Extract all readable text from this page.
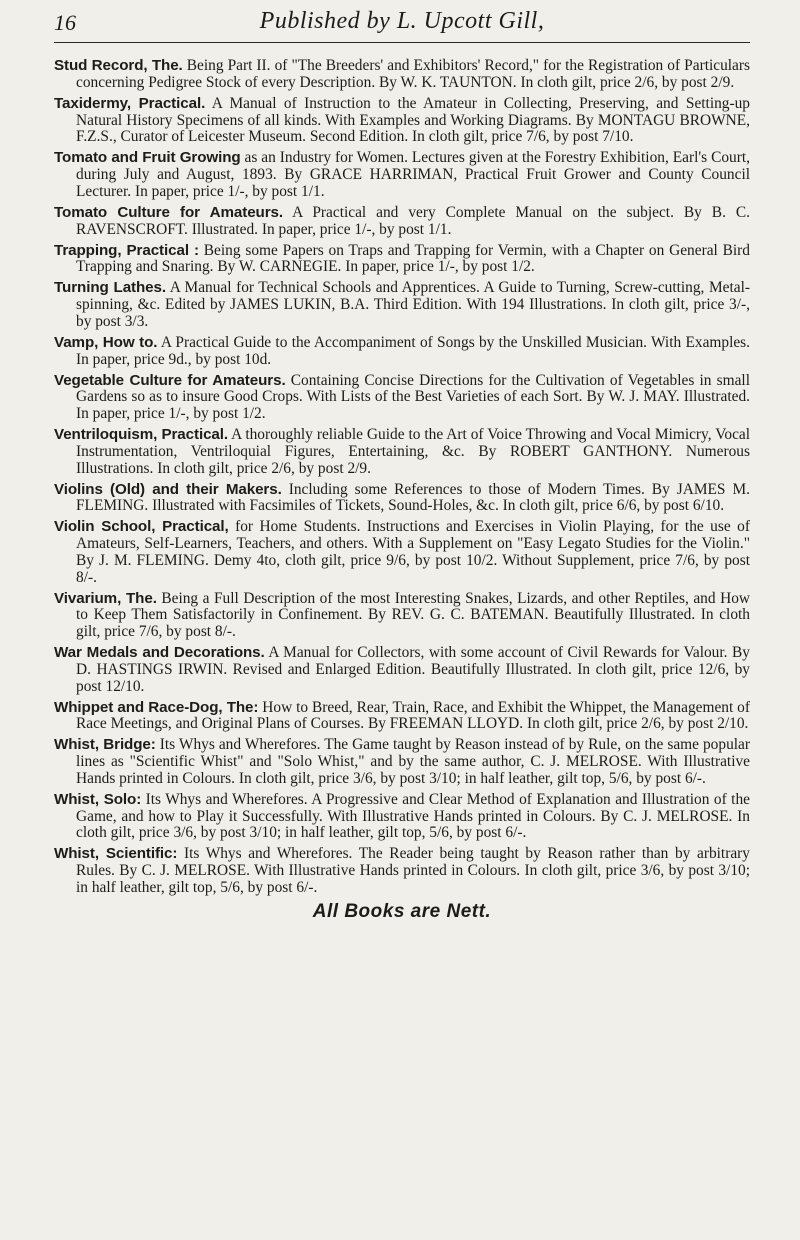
16	Published by L. Upcott Gill,

Stud Record, The. Being Part II. of "The Breeders' and Exhibitors' Record," for the Registration of Particulars concerning Pedigree Stock of every Description. By W. K. TAUNTON. In cloth gilt, price 2/6, by post 2/9.

Taxidermy, Practical. A Manual of Instruction to the Amateur in Collecting, Preserving, and Setting-up Natural History Specimens of all kinds. With Examples and Working Diagrams. By MONTAGU BROWNE, F.Z.S., Curator of Leicester Museum. Second Edition. In cloth gilt, price 7/6, by post 7/10.

Tomato and Fruit Growing as an Industry for Women. Lectures given at the Forestry Exhibition, Earl's Court, during July and August, 1893. By GRACE HARRIMAN, Practical Fruit Grower and County Council Lecturer. In paper, price 1/-, by post 1/1.

Tomato Culture for Amateurs. A Practical and very Complete Manual on the subject. By B. C. RAVENSCROFT. Illustrated. In paper, price 1/-, by post 1/1.

Trapping, Practical : Being some Papers on Traps and Trapping for Vermin, with a Chapter on General Bird Trapping and Snaring. By W. CARNEGIE. In paper, price 1/-, by post 1/2.

Turning Lathes. A Manual for Technical Schools and Apprentices. A Guide to Turning, Screw-cutting, Metal-spinning, &c. Edited by JAMES LUKIN, B.A. Third Edition. With 194 Illustrations. In cloth gilt, price 3/-, by post 3/3.

Vamp, How to. A Practical Guide to the Accompaniment of Songs by the Unskilled Musician. With Examples. In paper, price 9d., by post 10d.

Vegetable Culture for Amateurs. Containing Concise Directions for the Cultivation of Vegetables in small Gardens so as to insure Good Crops. With Lists of the Best Varieties of each Sort. By W. J. MAY. Illustrated. In paper, price 1/-, by post 1/2.

Ventriloquism, Practical. A thoroughly reliable Guide to the Art of Voice Throwing and Vocal Mimicry, Vocal Instrumentation, Ventriloquial Figures, Entertaining, &c. By ROBERT GANTHONY. Numerous Illustrations. In cloth gilt, price 2/6, by post 2/9.

Violins (Old) and their Makers. Including some References to those of Modern Times. By JAMES M. FLEMING. Illustrated with Facsimiles of Tickets, Sound-Holes, &c. In cloth gilt, price 6/6, by post 6/10.

Violin School, Practical, for Home Students. Instructions and Exercises in Violin Playing, for the use of Amateurs, Self-Learners, Teachers, and others. With a Supplement on "Easy Legato Studies for the Violin." By J. M. FLEMING. Demy 4to, cloth gilt, price 9/6, by post 10/2. Without Supplement, price 7/6, by post 8/-.

Vivarium, The. Being a Full Description of the most Interesting Snakes, Lizards, and other Reptiles, and How to Keep Them Satisfactorily in Confinement. By REV. G. C. BATEMAN. Beautifully Illustrated. In cloth gilt, price 7/6, by post 8/-.

War Medals and Decorations. A Manual for Collectors, with some account of Civil Rewards for Valour. By D. HASTINGS IRWIN. Revised and Enlarged Edition. Beautifully Illustrated. In cloth gilt, price 12/6, by post 12/10.

Whippet and Race-Dog, The: How to Breed, Rear, Train, Race, and Exhibit the Whippet, the Management of Race Meetings, and Original Plans of Courses. By FREEMAN LLOYD. In cloth gilt, price 2/6, by post 2/10.

Whist, Bridge: Its Whys and Wherefores. The Game taught by Reason instead of by Rule, on the same popular lines as "Scientific Whist" and "Solo Whist," and by the same author, C. J. MELROSE. With Illustrative Hands printed in Colours. In cloth gilt, price 3/6, by post 3/10; in half leather, gilt top, 5/6, by post 6/-.

Whist, Solo: Its Whys and Wherefores. A Progressive and Clear Method of Explanation and Illustration of the Game, and how to Play it Successfully. With Illustrative Hands printed in Colours. By C. J. MELROSE. In cloth gilt, price 3/6, by post 3/10; in half leather, gilt top, 5/6, by post 6/-.

Whist, Scientific: Its Whys and Wherefores. The Reader being taught by Reason rather than by arbitrary Rules. By C. J. MELROSE. With Illustrative Hands printed in Colours. In cloth gilt, price 3/6, by post 3/10; in half leather, gilt top, 5/6, by post 6/-.

All Books are Nett.
